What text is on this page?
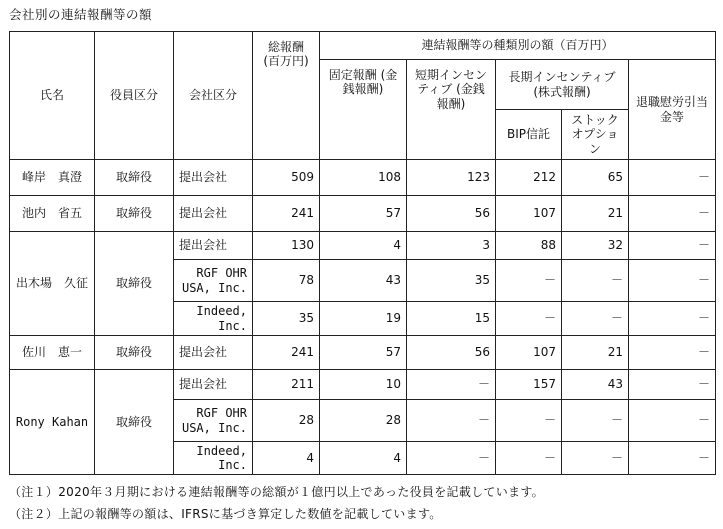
会社別の連結報酬等の額
氏名	役員区分	会社区分	総報酬 (百万円)	連結報酬等の種類別の額（百万円）				
				固定報酬 (金銭報酬)	短期インセンティブ (金銭報酬)	長期インセンティブ (株式報酬)		退職慰労引当金等
						BIP信託	ストックオプション	
峰岸　真澄	取締役	提出会社	509	108	123	212	65	－
池内　省五	取締役	提出会社	241	57	56	107	21	－
出木場　久征	取締役	提出会社	130	4	3	88	32	－
		RGF OHR USA, Inc.	78	43	35	－	－	－
		Indeed, Inc.	35	19	15	－	－	－
佐川　恵一	取締役	提出会社	241	57	56	107	21	－
Rony Kahan	取締役	提出会社	211	10	－	157	43	－
		RGF OHR USA, Inc.	28	28	－	－	－	－
		Indeed, Inc.	4	4	－	－	－	－
（注１）2020年３月期における連結報酬等の総額が１億円以上であった役員を記載しています。
（注２）上記の報酬等の額は、IFRSに基づき算定した数値を記載しています。
